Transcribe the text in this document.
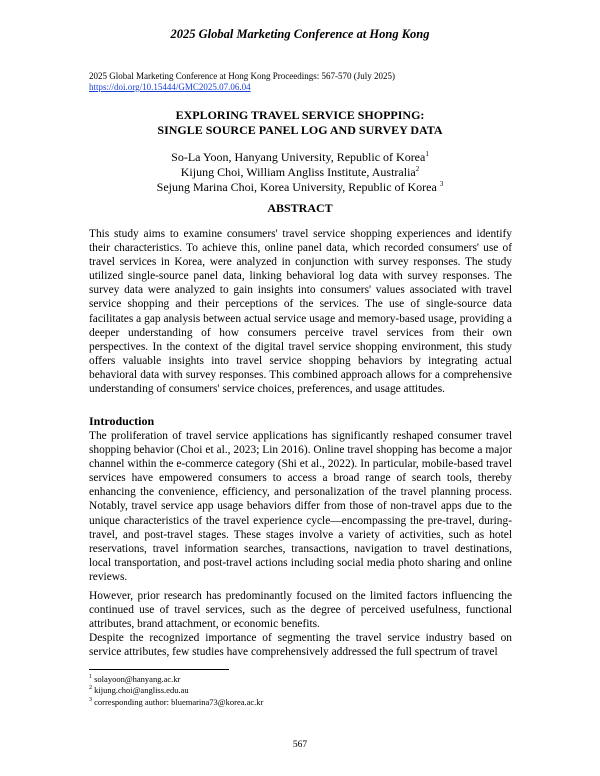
2025 Global Marketing Conference at Hong Kong
2025 Global Marketing Conference at Hong Kong Proceedings: 567-570 (July 2025)
https://doi.org/10.15444/GMC2025.07.06.04
EXPLORING TRAVEL SERVICE SHOPPING:
SINGLE SOURCE PANEL LOG AND SURVEY DATA
So-La Yoon, Hanyang University, Republic of Korea$^1$
Kijung Choi, William Angliss Institute, Australia$^2$
Sejung Marina Choi, Korea University, Republic of Korea $^3$
ABSTRACT

This study aims to examine consumers' travel service shopping experiences and identify their characteristics. To achieve this, online panel data, which recorded consumers' use of travel services in Korea, were analyzed in conjunction with survey responses. The study utilized single-source panel data, linking behavioral log data with survey responses. The survey data were analyzed to gain insights into consumers' values associated with travel service shopping and their perceptions of the services. The use of single-source data facilitates a gap analysis between actual service usage and memory-based usage, providing a deeper understanding of how consumers perceive travel services from their own perspectives. In the context of the digital travel service shopping environment, this study offers valuable insights into travel service shopping behaviors by integrating actual behavioral data with survey responses. This combined approach allows for a comprehensive understanding of consumers' service choices, preferences, and usage attitudes.

Introduction

The proliferation of travel service applications has significantly reshaped consumer travel shopping behavior (Choi et al., 2023; Lin 2016). Online travel shopping has become a major channel within the e-commerce category (Shi et al., 2022). In particular, mobile-based travel services have empowered consumers to access a broad range of search tools, thereby enhancing the convenience, efficiency, and personalization of the travel planning process. Notably, travel service app usage behaviors differ from those of non-travel apps due to the unique characteristics of the travel experience cycle—encompassing the pre-travel, during-travel, and post-travel stages. These stages involve a variety of activities, such as hotel reservations, travel information searches, transactions, navigation to travel destinations, local transportation, and post-travel actions including social media photo sharing and online reviews.

However, prior research has predominantly focused on the limited factors influencing the continued use of travel services, such as the degree of perceived usefulness, functional attributes, brand attachment, or economic benefits.

Despite the recognized importance of segmenting the travel service industry based on service attributes, few studies have comprehensively addressed the full spectrum of travel

$^1$ solayoon@hanyang.ac.kr
$^2$ kijung.choi@angliss.edu.au
$^3$ corresponding author: bluemarina73@korea.ac.kr
567
